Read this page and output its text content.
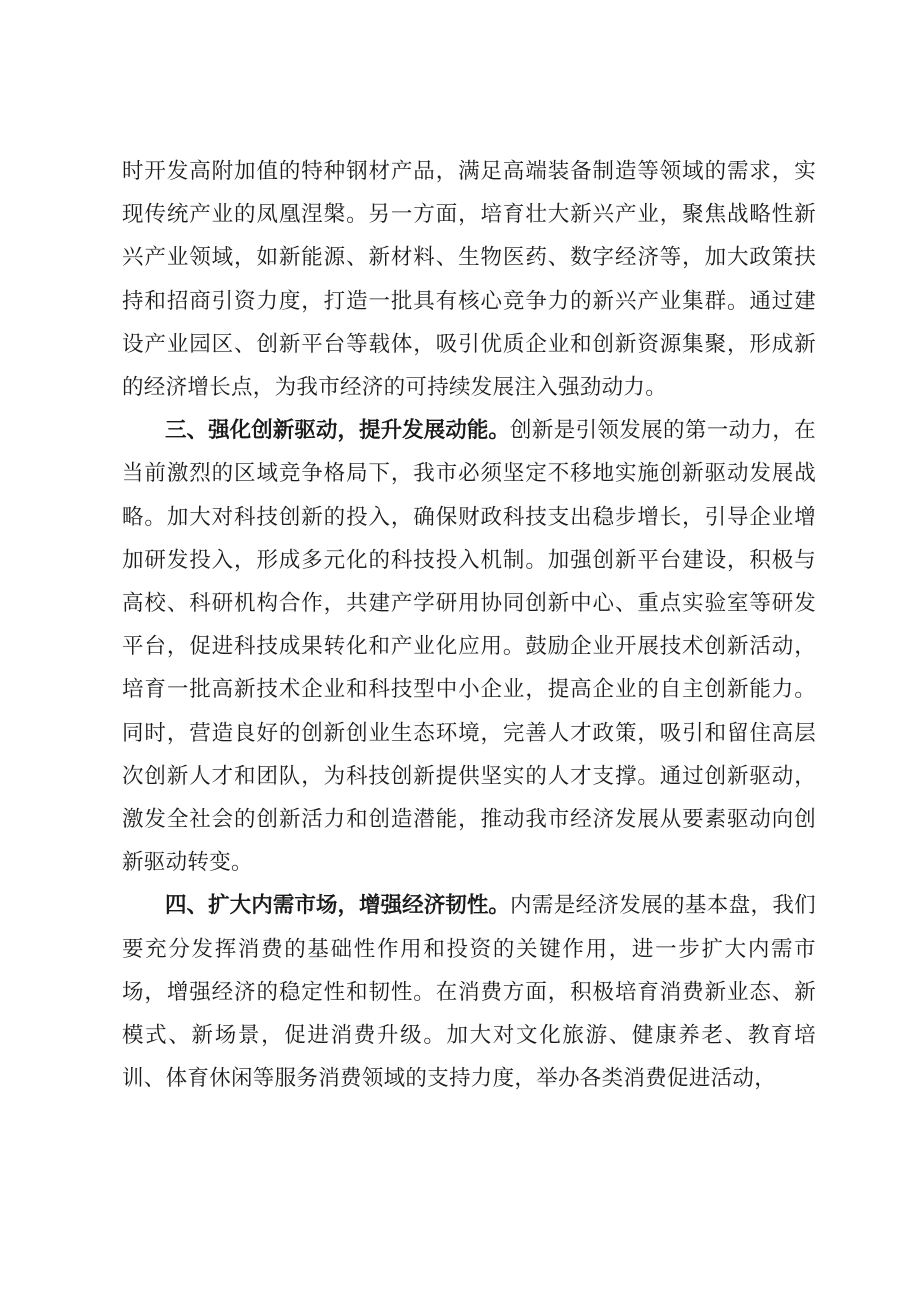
时开发高附加值的特种钢材产品，满足高端装备制造等领域的需求，实现传统产业的凤凰涅槃。另一方面，培育壮大新兴产业，聚焦战略性新兴产业领域，如新能源、新材料、生物医药、数字经济等，加大政策扶持和招商引资力度，打造一批具有核心竞争力的新兴产业集群。通过建设产业园区、创新平台等载体，吸引优质企业和创新资源集聚，形成新的经济增长点，为我市经济的可持续发展注入强劲动力。

三、强化创新驱动，提升发展动能。创新是引领发展的第一动力，在当前激烈的区域竞争格局下，我市必须坚定不移地实施创新驱动发展战略。加大对科技创新的投入，确保财政科技支出稳步增长，引导企业增加研发投入，形成多元化的科技投入机制。加强创新平台建设，积极与高校、科研机构合作，共建产学研用协同创新中心、重点实验室等研发平台，促进科技成果转化和产业化应用。鼓励企业开展技术创新活动，培育一批高新技术企业和科技型中小企业，提高企业的自主创新能力。同时，营造良好的创新创业生态环境，完善人才政策，吸引和留住高层次创新人才和团队，为科技创新提供坚实的人才支撑。通过创新驱动，激发全社会的创新活力和创造潜能，推动我市经济发展从要素驱动向创新驱动转变。

四、扩大内需市场，增强经济韧性。内需是经济发展的基本盘，我们要充分发挥消费的基础性作用和投资的关键作用，进一步扩大内需市场，增强经济的稳定性和韧性。在消费方面，积极培育消费新业态、新模式、新场景，促进消费升级。加大对文化旅游、健康养老、教育培训、体育休闲等服务消费领域的支持力度，举办各类消费促进活动，
